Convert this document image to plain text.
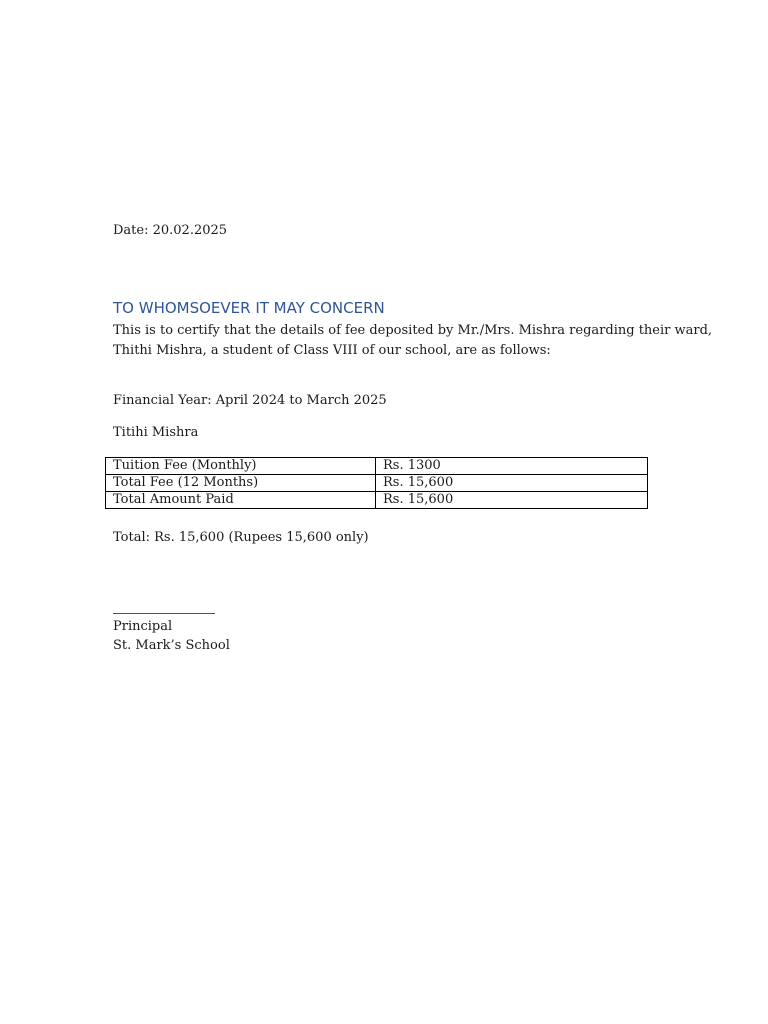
Date: 20.02.2025
TO WHOMSOEVER IT MAY CONCERN
This is to certify that the details of fee deposited by Mr./Mrs. Mishra regarding their ward,
Thithi Mishra, a student of Class VIII of our school, are as follows:
Financial Year: April 2024 to March 2025
Titihi Mishra
Tuition Fee (Monthly)	Rs. 1300
Total Fee (12 Months)	Rs. 15,600
Total Amount Paid	Rs. 15,600
Total: Rs. 15,600 (Rupees 15,600 only)
Principal
St. Mark’s School
